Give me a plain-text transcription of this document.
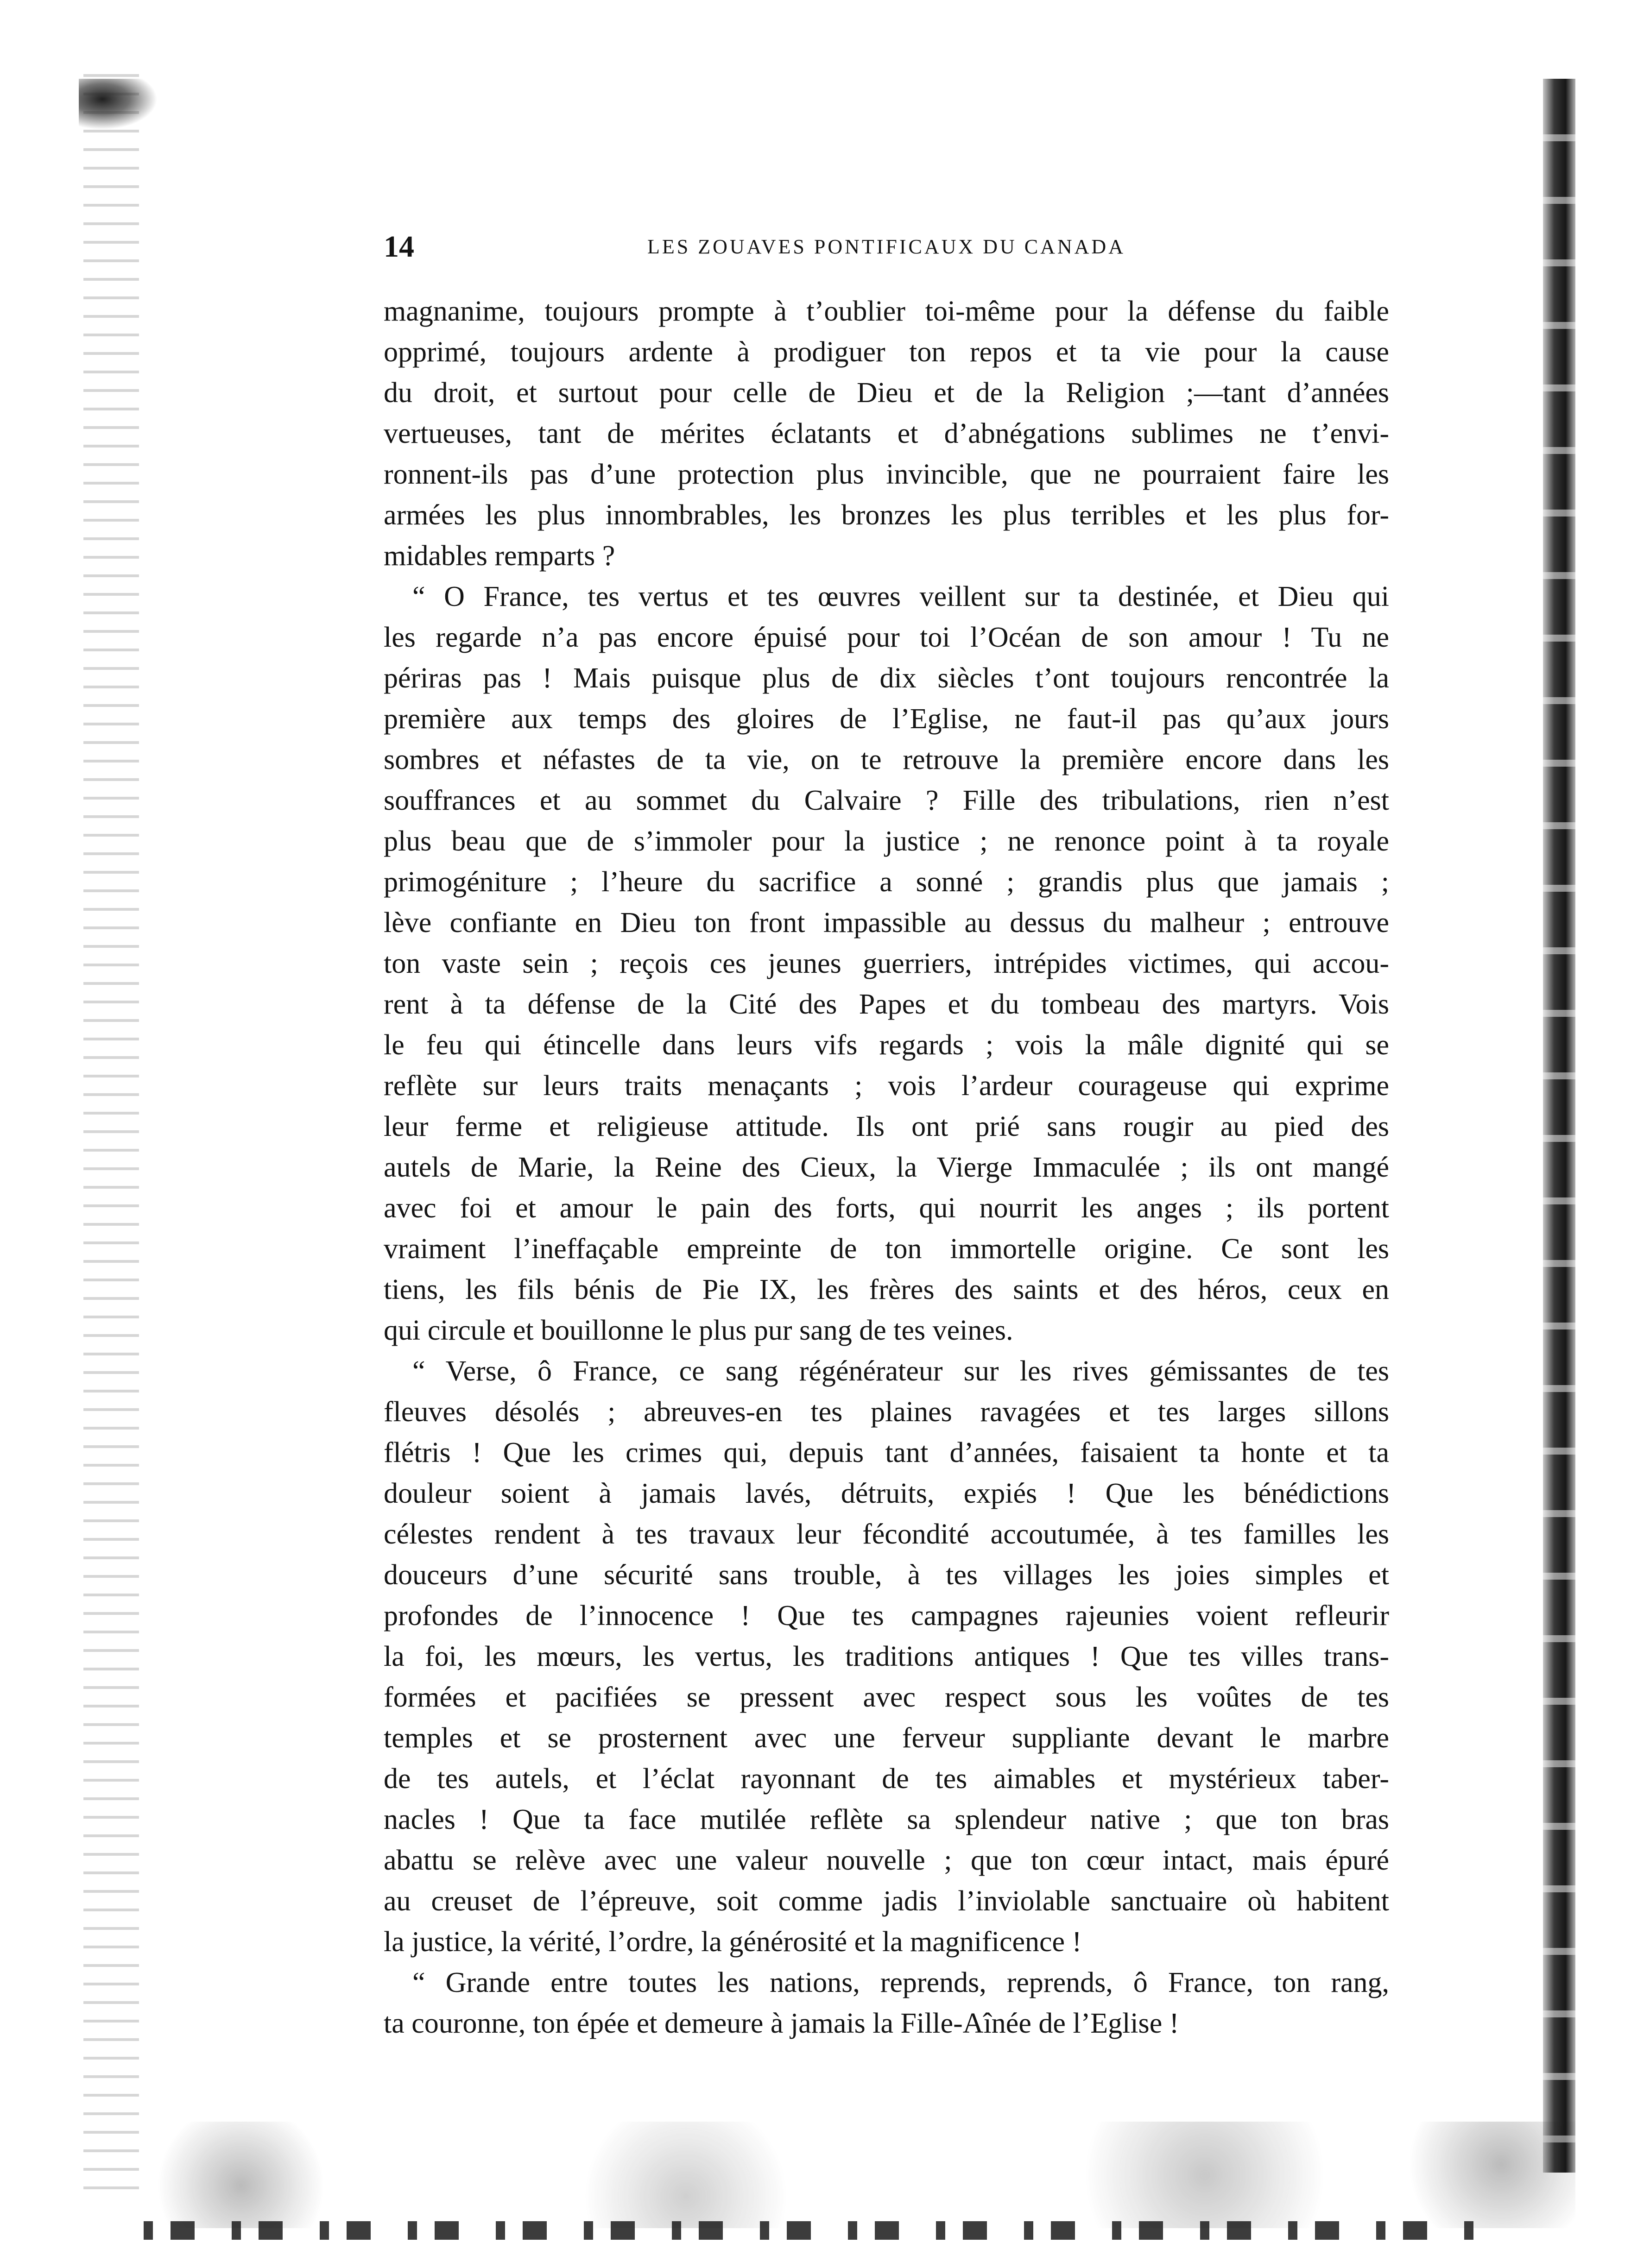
14	LES ZOUAVES PONTIFICAUX DU CANADA

magnanime, toujours prompte à t’oublier toi-même pour la défense du faible
opprimé, toujours ardente à prodiguer ton repos et ta vie pour la cause
du droit, et surtout pour celle de Dieu et de la Religion ;—tant d’années
vertueuses, tant de mérites éclatants et d’abnégations sublimes ne t’envi-
ronnent-ils pas d’une protection plus invincible, que ne pourraient faire les
armées les plus innombrables, les bronzes les plus terribles et les plus for-
midables remparts ?

“ O France, tes vertus et tes œuvres veillent sur ta destinée, et Dieu qui
les regarde n’a pas encore épuisé pour toi l’Océan de son amour ! Tu ne
périras pas ! Mais puisque plus de dix siècles t’ont toujours rencontrée la
première aux temps des gloires de l’Eglise, ne faut-il pas qu’aux jours
sombres et néfastes de ta vie, on te retrouve la première encore dans les
souffrances et au sommet du Calvaire ? Fille des tribulations, rien n’est
plus beau que de s’immoler pour la justice ; ne renonce point à ta royale
primogéniture ; l’heure du sacrifice a sonné ; grandis plus que jamais ;
lève confiante en Dieu ton front impassible au dessus du malheur ; entrouve
ton vaste sein ; reçois ces jeunes guerriers, intrépides victimes, qui accou-
rent à ta défense de la Cité des Papes et du tombeau des martyrs. Vois
le feu qui étincelle dans leurs vifs regards ; vois la mâle dignité qui se
reflète sur leurs traits menaçants ; vois l’ardeur courageuse qui exprime
leur ferme et religieuse attitude. Ils ont prié sans rougir au pied des
autels de Marie, la Reine des Cieux, la Vierge Immaculée ; ils ont mangé
avec foi et amour le pain des forts, qui nourrit les anges ; ils portent
vraiment l’ineffaçable empreinte de ton immortelle origine. Ce sont les
tiens, les fils bénis de Pie IX, les frères des saints et des héros, ceux en
qui circule et bouillonne le plus pur sang de tes veines.

“ Verse, ô France, ce sang régénérateur sur les rives gémissantes de tes
fleuves désolés ; abreuves-en tes plaines ravagées et tes larges sillons
flétris ! Que les crimes qui, depuis tant d’années, faisaient ta honte et ta
douleur soient à jamais lavés, détruits, expiés ! Que les bénédictions
célestes rendent à tes travaux leur fécondité accoutumée, à tes familles les
douceurs d’une sécurité sans trouble, à tes villages les joies simples et
profondes de l’innocence ! Que tes campagnes rajeunies voient refleurir
la foi, les mœurs, les vertus, les traditions antiques ! Que tes villes trans-
formées et pacifiées se pressent avec respect sous les voûtes de tes
temples et se prosternent avec une ferveur suppliante devant le marbre
de tes autels, et l’éclat rayonnant de tes aimables et mystérieux taber-
nacles ! Que ta face mutilée reflète sa splendeur native ; que ton bras
abattu se relève avec une valeur nouvelle ; que ton cœur intact, mais épuré
au creuset de l’épreuve, soit comme jadis l’inviolable sanctuaire où habitent
la justice, la vérité, l’ordre, la générosité et la magnificence !

“ Grande entre toutes les nations, reprends, reprends, ô France, ton rang,
ta couronne, ton épée et demeure à jamais la Fille-Aînée de l’Eglise !
